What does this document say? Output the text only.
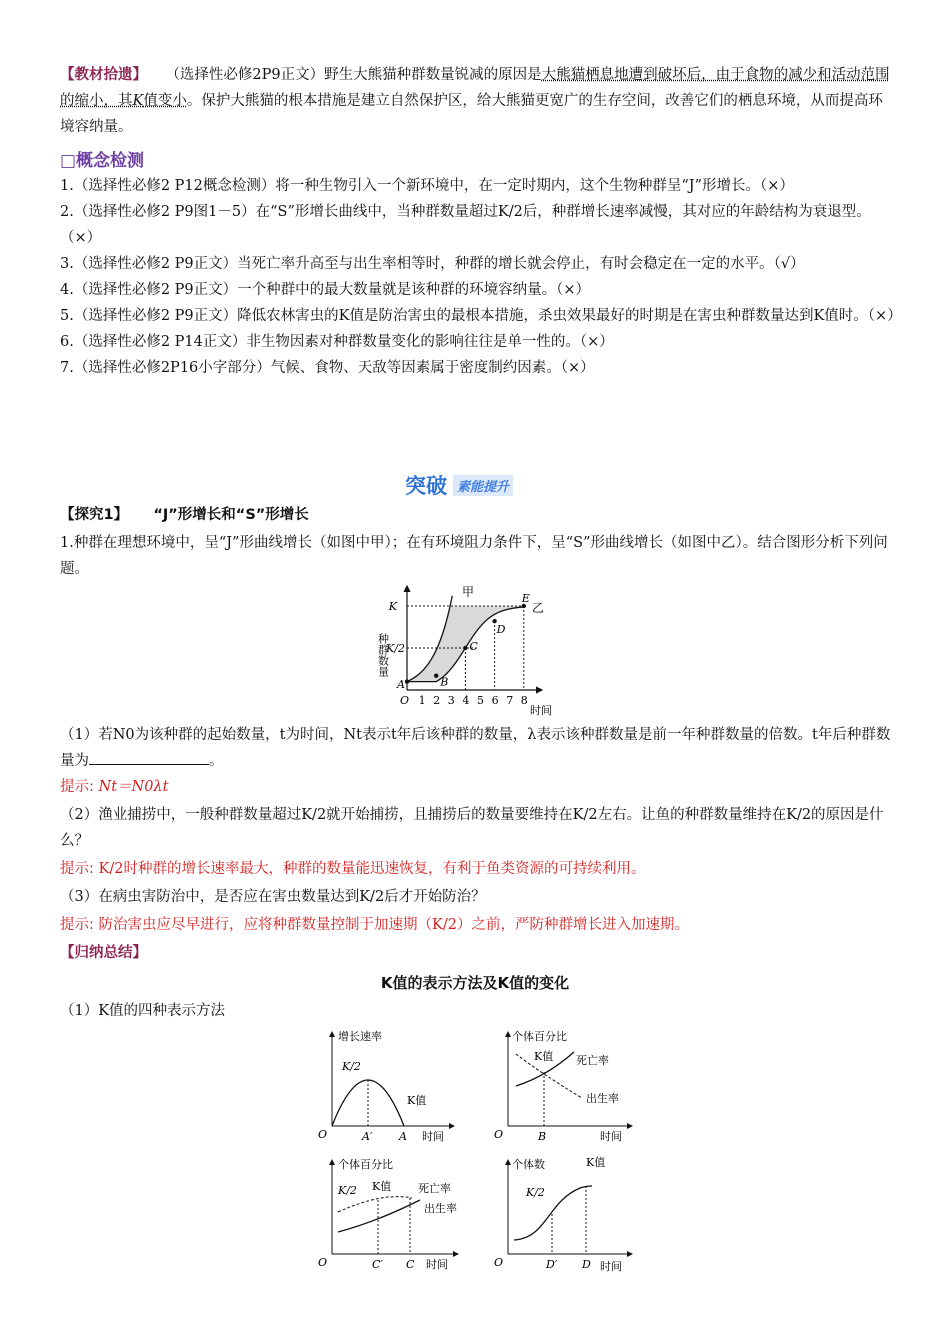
【教材拾遗】 （选择性必修2P9正文）野生大熊猫种群数量锐减的原因是大熊猫栖息地遭到破坏后，由于食物的减少和活动范围的缩小，其K值变小。保护大熊猫的根本措施是建立自然保护区，给大熊猫更宽广的生存空间，改善它们的栖息环境，从而提高环境容纳量。

□概念检测
1.（选择性必修2 P12概念检测）将一种生物引入一个新环境中，在一定时期内，这个生物种群呈“J”形增长。（×）
2.（选择性必修2 P9图1－5）在“S”形增长曲线中，当种群数量超过K/2后，种群增长速率减慢，其对应的年龄结构为衰退型。（×）
3.（选择性必修2 P9正文）当死亡率升高至与出生率相等时，种群的增长就会停止，有时会稳定在一定的水平。（√）
4.（选择性必修2 P9正文）一个种群中的最大数量就是该种群的环境容纳量。（×）
5.（选择性必修2 P9正文）降低农林害虫的K值是防治害虫的最根本措施，杀虫效果最好的时期是在害虫种群数量达到K值时。（×）
6.（选择性必修2 P14正文）非生物因素对种群数量变化的影响往往是单一性的。（×）
7.（选择性必修2P16小字部分）气候、食物、天敌等因素属于密度制约因素。（×）
突破 素能提升
【探究1】 “J”形增长和“S”形增长
1.种群在理想环境中，呈“J”形曲线增长（如图中甲）；在有环境阻力条件下，呈“S”形曲线增长（如图中乙）。结合图形分析下列问题。
种群数量
K
K/2
A
O
甲
乙
1 2 3 4 5 6 7 8
B
C
D
E
时间
（1）若N0为该种群的起始数量，t为时间，Nt表示t年后该种群的数量，λ表示该种群数量是前一年种群数量的倍数。t年后种群数量为	。
提示: Nt＝N0λt
（2）渔业捕捞中，一般种群数量超过K/2就开始捕捞，且捕捞后的数量要维持在K/2左右。让鱼的种群数量维持在K/2的原因是什么？
提示: K/2时种群的增长速率最大，种群的数量能迅速恢复，有利于鱼类资源的可持续利用。
（3）在病虫害防治中，是否应在害虫数量达到K/2后才开始防治？
提示: 防治害虫应尽早进行，应将种群数量控制于加速期（K/2）之前，严防种群增长进入加速期。
【归纳总结】
K值的表示方法及K值的变化
（1）K值的四种表示方法
增长速率
K/2
K值
A′ A
O	时间
个体百分比
K值 死亡率
出生率
B
O	时间
个体百分比
K/2 K值 死亡率
出生率
C′ C
O	时间
个体数	K值
K/2
D′ D
O	时间
